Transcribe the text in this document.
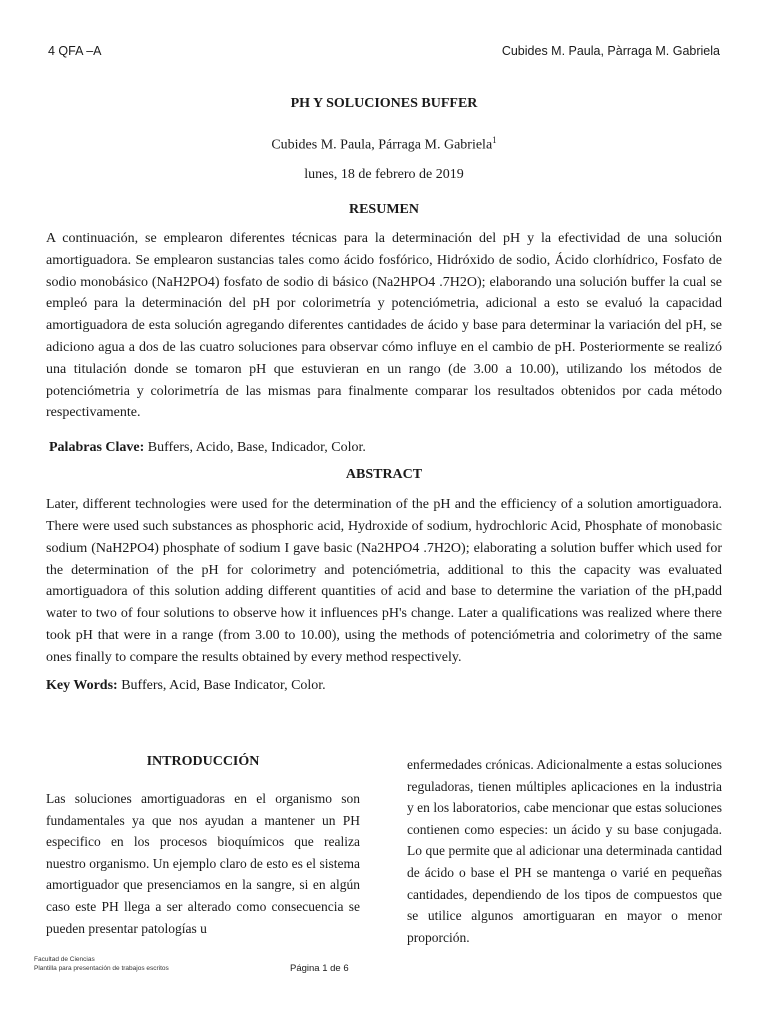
4 QFA –A	Cubides M. Paula, Pàrraga M. Gabriela
PH Y SOLUCIONES BUFFER
Cubides M. Paula, Párraga M. Gabriela$^1$
lunes, 18 de febrero de 2019
RESUMEN

A continuación, se emplearon diferentes técnicas para la determinación del pH y la efectividad de una solución amortiguadora. Se emplearon sustancias tales como ácido fosfórico, Hidróxido de sodio, Ácido clorhídrico, Fosfato de sodio monobásico (NaH2PO4) fosfato de sodio di básico (Na2HPO4 .7H2O); elaborando una solución buffer la cual se empleó para la determinación del pH por colorimetría y potenciómetria, adicional a esto se evaluó la capacidad amortiguadora de esta solución agregando diferentes cantidades de ácido y base para determinar la variación del pH, se adiciono agua a dos de las cuatro soluciones para observar cómo influye en el cambio de pH. Posteriormente se realizó una titulación donde se tomaron pH que estuvieran en un rango (de 3.00 a 10.00), utilizando los métodos de potenciómetria y colorimetría de las mismas para finalmente comparar los resultados obtenidos por cada método respectivamente.

Palabras Clave: Buffers, Acido, Base, Indicador, Color.
ABSTRACT

Later, different technologies were used for the determination of the pH and the efficiency of a solution amortiguadora. There were used such substances as phosphoric acid, Hydroxide of sodium, hydrochloric Acid, Phosphate of monobasic sodium (NaH2PO4) phosphate of sodium I gave basic (Na2HPO4 .7H2O); elaborating a solution buffer which used for the determination of the pH for colorimetry and potenciómetria, additional to this the capacity was evaluated amortiguadora of this solution adding different quantities of acid and base to determine the variation of the pH,padd water to two of four solutions to observe how it influences pH's change. Later a qualifications was realized where there took pH that were in a range (from 3.00 to 10.00), using the methods of potenciómetria and colorimetry of the same ones finally to compare the results obtained by every method respectively.

Key Words: Buffers, Acid, Base Indicator, Color.
INTRODUCCIÓN

Las soluciones amortiguadoras en el organismo son fundamentales ya que nos ayudan a mantener un PH especifico en los procesos bioquímicos que realiza nuestro organismo. Un ejemplo claro de esto es el sistema amortiguador que presenciamos en la sangre, si en algún caso este PH llega a ser alterado como consecuencia se pueden presentar patologías u

enfermedades crónicas. Adicionalmente a estas soluciones reguladoras, tienen múltiples aplicaciones en la industria y en los laboratorios, cabe mencionar que estas soluciones contienen como especies: un ácido y su base conjugada. Lo que permite que al adicionar una determinada cantidad de ácido o base el PH se mantenga o varié en pequeñas cantidades, dependiendo de los tipos de compuestos que se utilice algunos amortiguaran en mayor o menor proporción.

Facultad de Ciencias
Plantilla para presentación de trabajos escritos	Página 1 de 6
